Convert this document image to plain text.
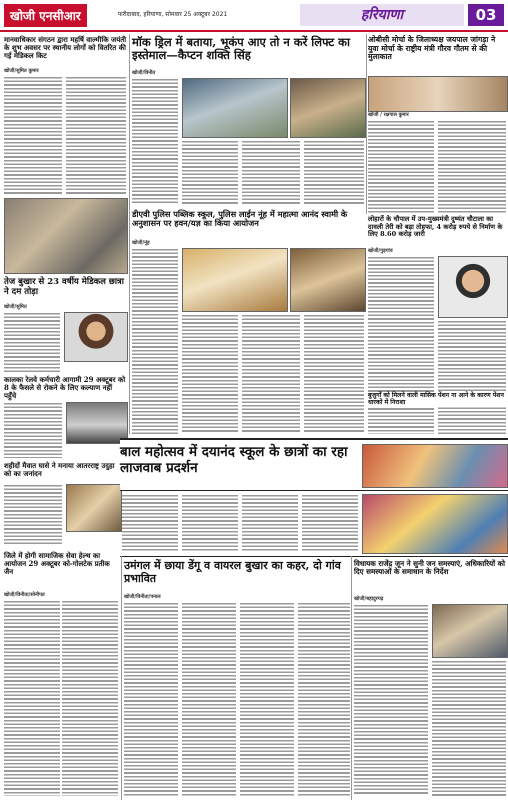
खोजी एनसीआर	फरीदाबाद, हरियाणा, सोमवार 25 अक्टूबर 2021	हरियाणा	03
मानवाधिकार संगठन द्वारा महर्षि वाल्मीकि जयंती के शुभ अवसर पर स्थानीय लोगों को वितरित की गई मेडिकल किट
खोजी/सुमित कुमार
मॉक ड्रिल में बताया, भूकंप आए तो न करें लिफ्ट का इस्तेमाल—कैप्टन शक्ति सिंह
खोजी/विनीत
ओबीसी मोर्चा के जिलाध्यक्ष जयपाल जांगड़ा ने युवा मोर्चा के राष्ट्रीय मंत्री गौरव गौतम से की मुलाकात
खोजी / रक्षपाल कुमार
तेज बुखार से 23 वर्षीय मेडिकल छात्रा ने दम तोड़ा
खोजी/सुमित
कालका रेलवे कर्मचारी आगामी 29 अक्टूबर को 8 के फैसले से रोकने के लिए कल्याण नहीं पहुँचे
शहीदों मैवात घासे ने मनाया आतरराष्ट्र उदुहा को का जनांदन
डीएवी पुलिस पब्लिक स्कूल, पुलिस लाईन नूंह में महात्मा आनंद स्वामी के अनुशासन पर हवन/यज्ञ का किया आयोजन
खोजी/नूंह
लोहारों के चौपाल में उप-मुख्यमंत्री दुष्यंत चौटाला का दावली तेरी को बड़ा तोहफा, 4 करोड़ रुपये से निर्माण के लिए 8.60 करोड़ जारी
खोजी/गुड़गांव
बाल महोत्सव में दयानंद स्कूल के छात्रों का रहा लाजवाब प्रदर्शन
बुजुर्गों को मिलने वाली मासिक पेंशन ना आने के कारण पेंशन धारकों में निराशा
जिले में होगी सामाजिक सेवा हेल्थ का आयोजन 29 अक्टूबर को-गोलटेक प्रतीक जैन
खोजी/विनीता/सोनीपत
उमंगल में छाया डेंगू व वायरल बुखार का कहर, दो गांव प्रभावित
खोजी/विनीता/पनाल
विधायक राजेंद्र जून ने सुनी जन समस्याएं, अधिकारियों को दिए समस्याओं के समाधान के निर्देश
खोजी/बहादुरगढ़
